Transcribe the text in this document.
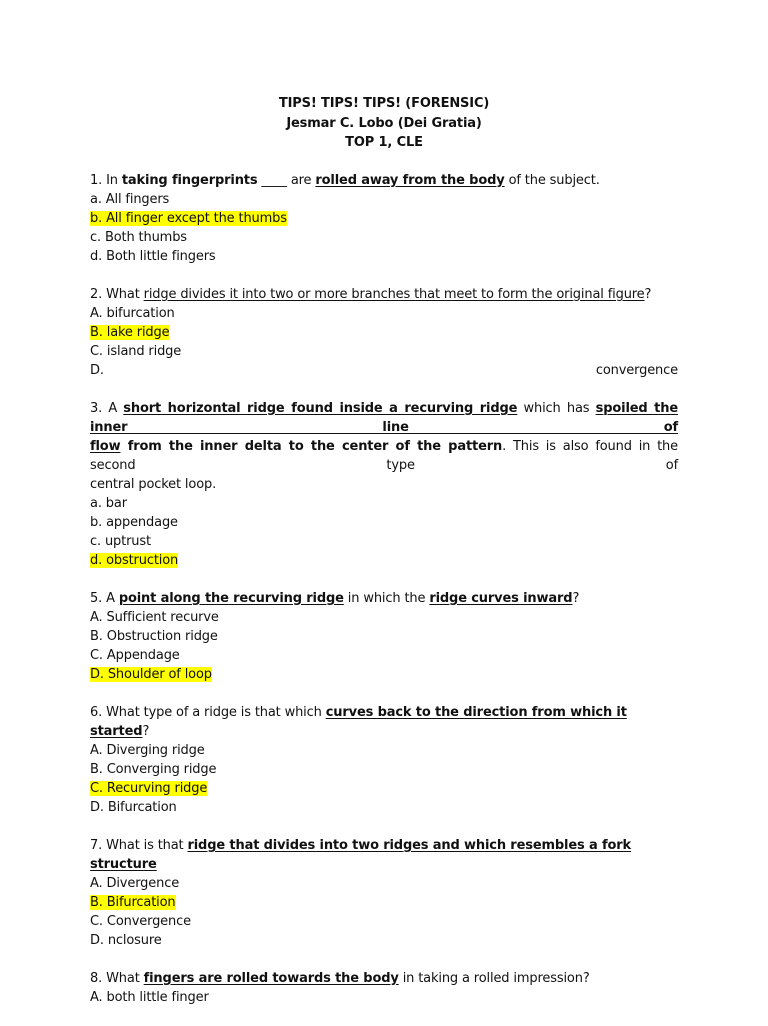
TIPS! TIPS! TIPS! (FORENSIC)
Jesmar C. Lobo (Dei Gratia)
TOP 1, CLE
1. In taking fingerprints ____ are rolled away from the body of the subject.
a. All fingers
b. All finger except the thumbs
c. Both thumbs
d. Both little fingers
2. What ridge divides it into two or more branches that meet to form the original figure?
A. bifurcation
B. lake ridge
C. island ridge
D.	convergence
3. A short horizontal ridge found inside a recurving ridge which has spoiled the inner line of
flow from the inner delta to the center of the pattern. This is also found in the second type of
central pocket loop.
a. bar
b. appendage
c. uptrust
d. obstruction
5. A point along the recurving ridge in which the ridge curves inward?
A. Sufficient recurve
B. Obstruction ridge
C. Appendage
D. Shoulder of loop
6. What type of a ridge is that which curves back to the direction from which it started?
A. Diverging ridge
B. Converging ridge
C. Recurving ridge
D. Bifurcation
7. What is that ridge that divides into two ridges and which resembles a fork structure
A. Divergence
B. Bifurcation
C. Convergence
D. nclosure
8. What fingers are rolled towards the body in taking a rolled impression?
A. both little finger
